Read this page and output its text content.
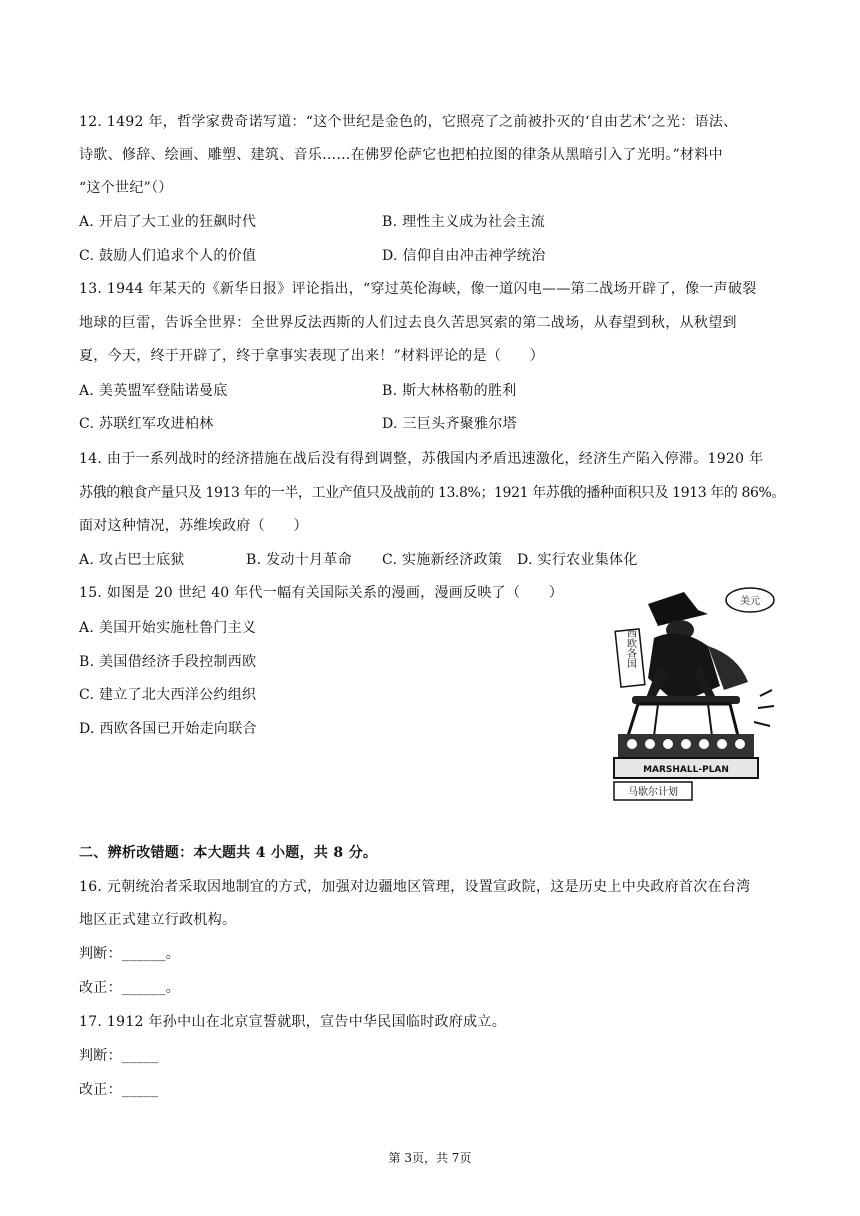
12. 1492 年，哲学家费奇诺写道：“这个世纪是金色的，它照亮了之前被扑灭的‘自由艺术’之光：语法、
诗歌、修辞、绘画、雕塑、建筑、音乐……在佛罗伦萨它也把柏拉图的律条从黑暗引入了光明。”材料中
“这个世纪”（）
A. 开启了大工业的狂飙时代	B. 理性主义成为社会主流
C. 鼓励人们追求个人的价值	D. 信仰自由冲击神学统治
13. 1944 年某天的《新华日报》评论指出，“穿过英伦海峡，像一道闪电——第二战场开辟了，像一声破裂
地球的巨雷，告诉全世界：全世界反法西斯的人们过去良久苦思冥索的第二战场，从春望到秋，从秋望到
夏，今天，终于开辟了，终于拿事实表现了出来！”材料评论的是（　　）
A. 美英盟军登陆诺曼底	B. 斯大林格勒的胜利
C. 苏联红军攻进柏林	D. 三巨头齐聚雅尔塔
14. 由于一系列战时的经济措施在战后没有得到调整，苏俄国内矛盾迅速激化，经济生产陷入停滞。1920 年
苏俄的粮食产量只及 1913 年的一半，工业产值只及战前的 13.8%；1921 年苏俄的播种面积只及 1913 年的 86%。
面对这种情况，苏维埃政府（　　）
A. 攻占巴士底狱	B. 发动十月革命 C. 实施新经济政策 D. 实行农业集体化
15. 如图是 20 世纪 40 年代一幅有关国际关系的漫画，漫画反映了（　　）
A. 美国开始实施杜鲁门主义
B. 美国借经济手段控制西欧
C. 建立了北大西洋公约组织
D. 西欧各国已开始走向联合
MARSHALL-PLAN
马歇尔计划
西欧各国
美元
二、辨析改错题：本大题共 4 小题，共 8 分。
16. 元朝统治者采取因地制宜的方式，加强对边疆地区管理，设置宣政院，这是历史上中央政府首次在台湾
地区正式建立行政机构。
判断：______。
改正：______。
17. 1912 年孙中山在北京宣誓就职，宣告中华民国临时政府成立。
判断：_____
改正：_____
第 3页，共 7页
